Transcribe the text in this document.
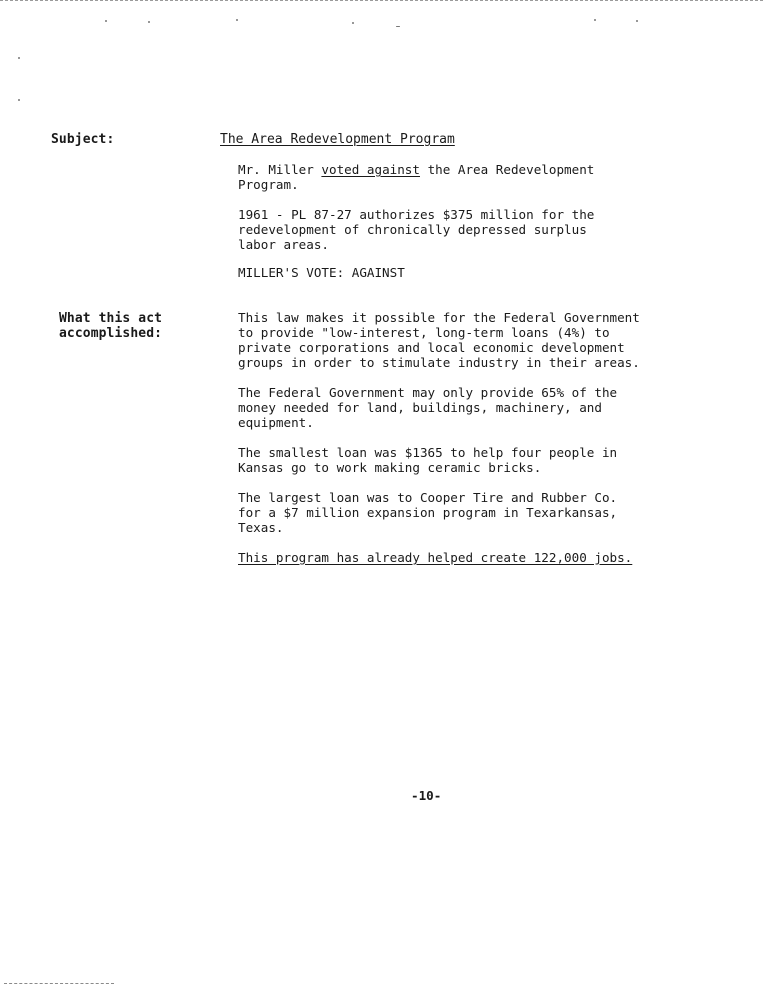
Subject:	The Area Redevelopment Program

Mr. Miller voted against the Area Redevelopment
Program.

1961 - PL 87-27 authorizes $375 million for the
redevelopment of chronically depressed surplus
labor areas.

MILLER'S VOTE: AGAINST

What this act
accomplished:

This law makes it possible for the Federal Government
to provide "low-interest, long-term loans (4%) to
private corporations and local economic development
groups in order to stimulate industry in their areas.

The Federal Government may only provide 65% of the
money needed for land, buildings, machinery, and
equipment.

The smallest loan was $1365 to help four people in
Kansas go to work making ceramic bricks.

The largest loan was to Cooper Tire and Rubber Co.
for a $7 million expansion program in Texarkansas,
Texas.

This program has already helped create 122,000 jobs.

-10-
